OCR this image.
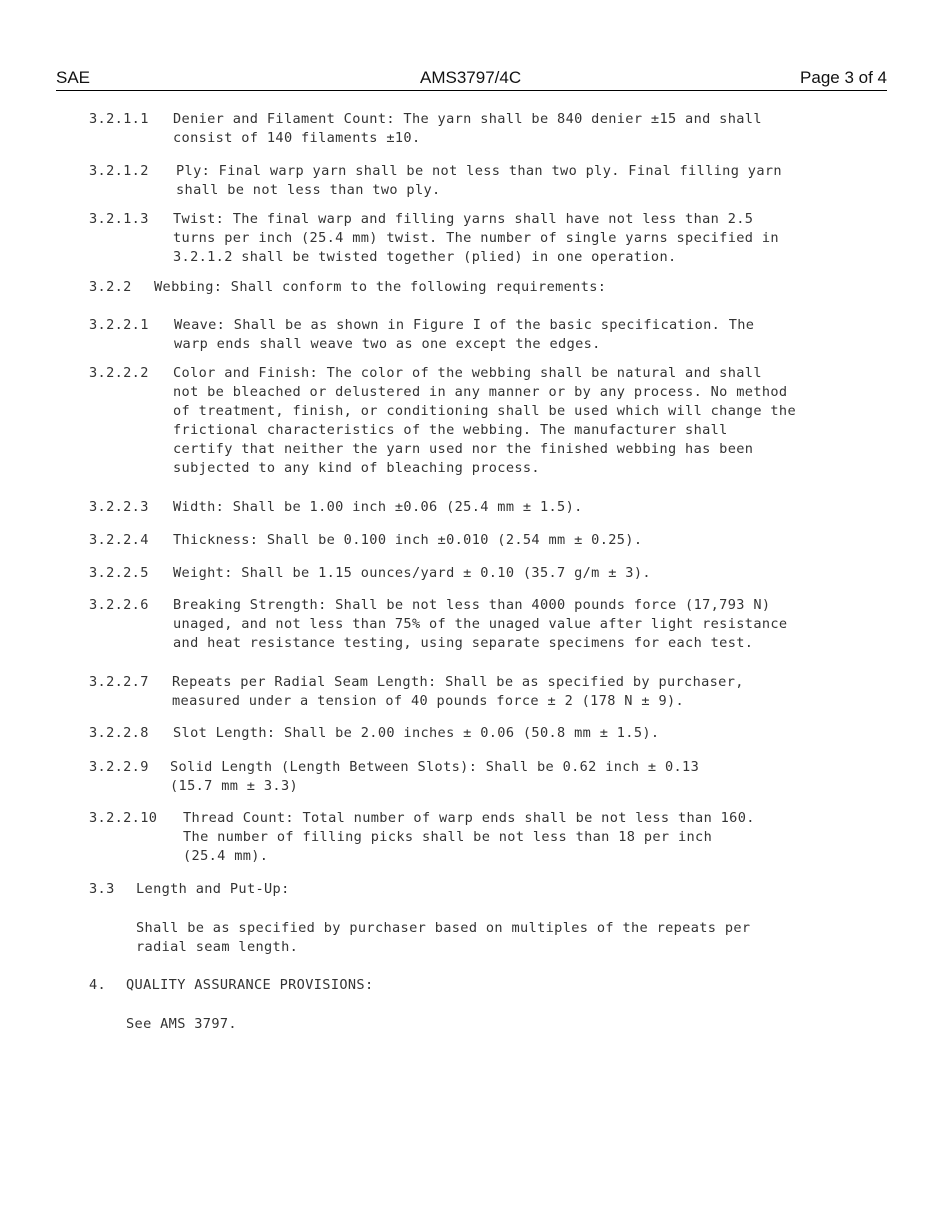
SAE	AMS3797/4C	Page 3 of 4
3.2.1.1 Denier and Filament Count: The yarn shall be 840 denier ±15 and shall
consist of 140 filaments ±10.
3.2.1.2 Ply: Final warp yarn shall be not less than two ply. Final filling yarn
shall be not less than two ply.
3.2.1.3 Twist: The final warp and filling yarns shall have not less than 2.5
turns per inch (25.4 mm) twist. The number of single yarns specified in
3.2.1.2 shall be twisted together (plied) in one operation.
3.2.2 Webbing: Shall conform to the following requirements:
3.2.2.1 Weave: Shall be as shown in Figure I of the basic specification. The
warp ends shall weave two as one except the edges.
3.2.2.2 Color and Finish: The color of the webbing shall be natural and shall
not be bleached or delustered in any manner or by any process. No method
of treatment, finish, or conditioning shall be used which will change the
frictional characteristics of the webbing. The manufacturer shall
certify that neither the yarn used nor the finished webbing has been
subjected to any kind of bleaching process.
3.2.2.3 Width: Shall be 1.00 inch ±0.06 (25.4 mm ± 1.5).
3.2.2.4 Thickness: Shall be 0.100 inch ±0.010 (2.54 mm ± 0.25).
3.2.2.5 Weight: Shall be 1.15 ounces/yard ± 0.10 (35.7 g/m ± 3).
3.2.2.6 Breaking Strength: Shall be not less than 4000 pounds force (17,793 N)
unaged, and not less than 75% of the unaged value after light resistance
and heat resistance testing, using separate specimens for each test.
3.2.2.7 Repeats per Radial Seam Length: Shall be as specified by purchaser,
measured under a tension of 40 pounds force ± 2 (178 N ± 9).
3.2.2.8 Slot Length: Shall be 2.00 inches ± 0.06 (50.8 mm ± 1.5).
3.2.2.9 Solid Length (Length Between Slots): Shall be 0.62 inch ± 0.13
(15.7 mm ± 3.3)
3.2.2.10 Thread Count: Total number of warp ends shall be not less than 160.
The number of filling picks shall be not less than 18 per inch
(25.4 mm).
3.3 Length and Put-Up:
Shall be as specified by purchaser based on multiples of the repeats per
radial seam length.
4. QUALITY ASSURANCE PROVISIONS:
See AMS 3797.
